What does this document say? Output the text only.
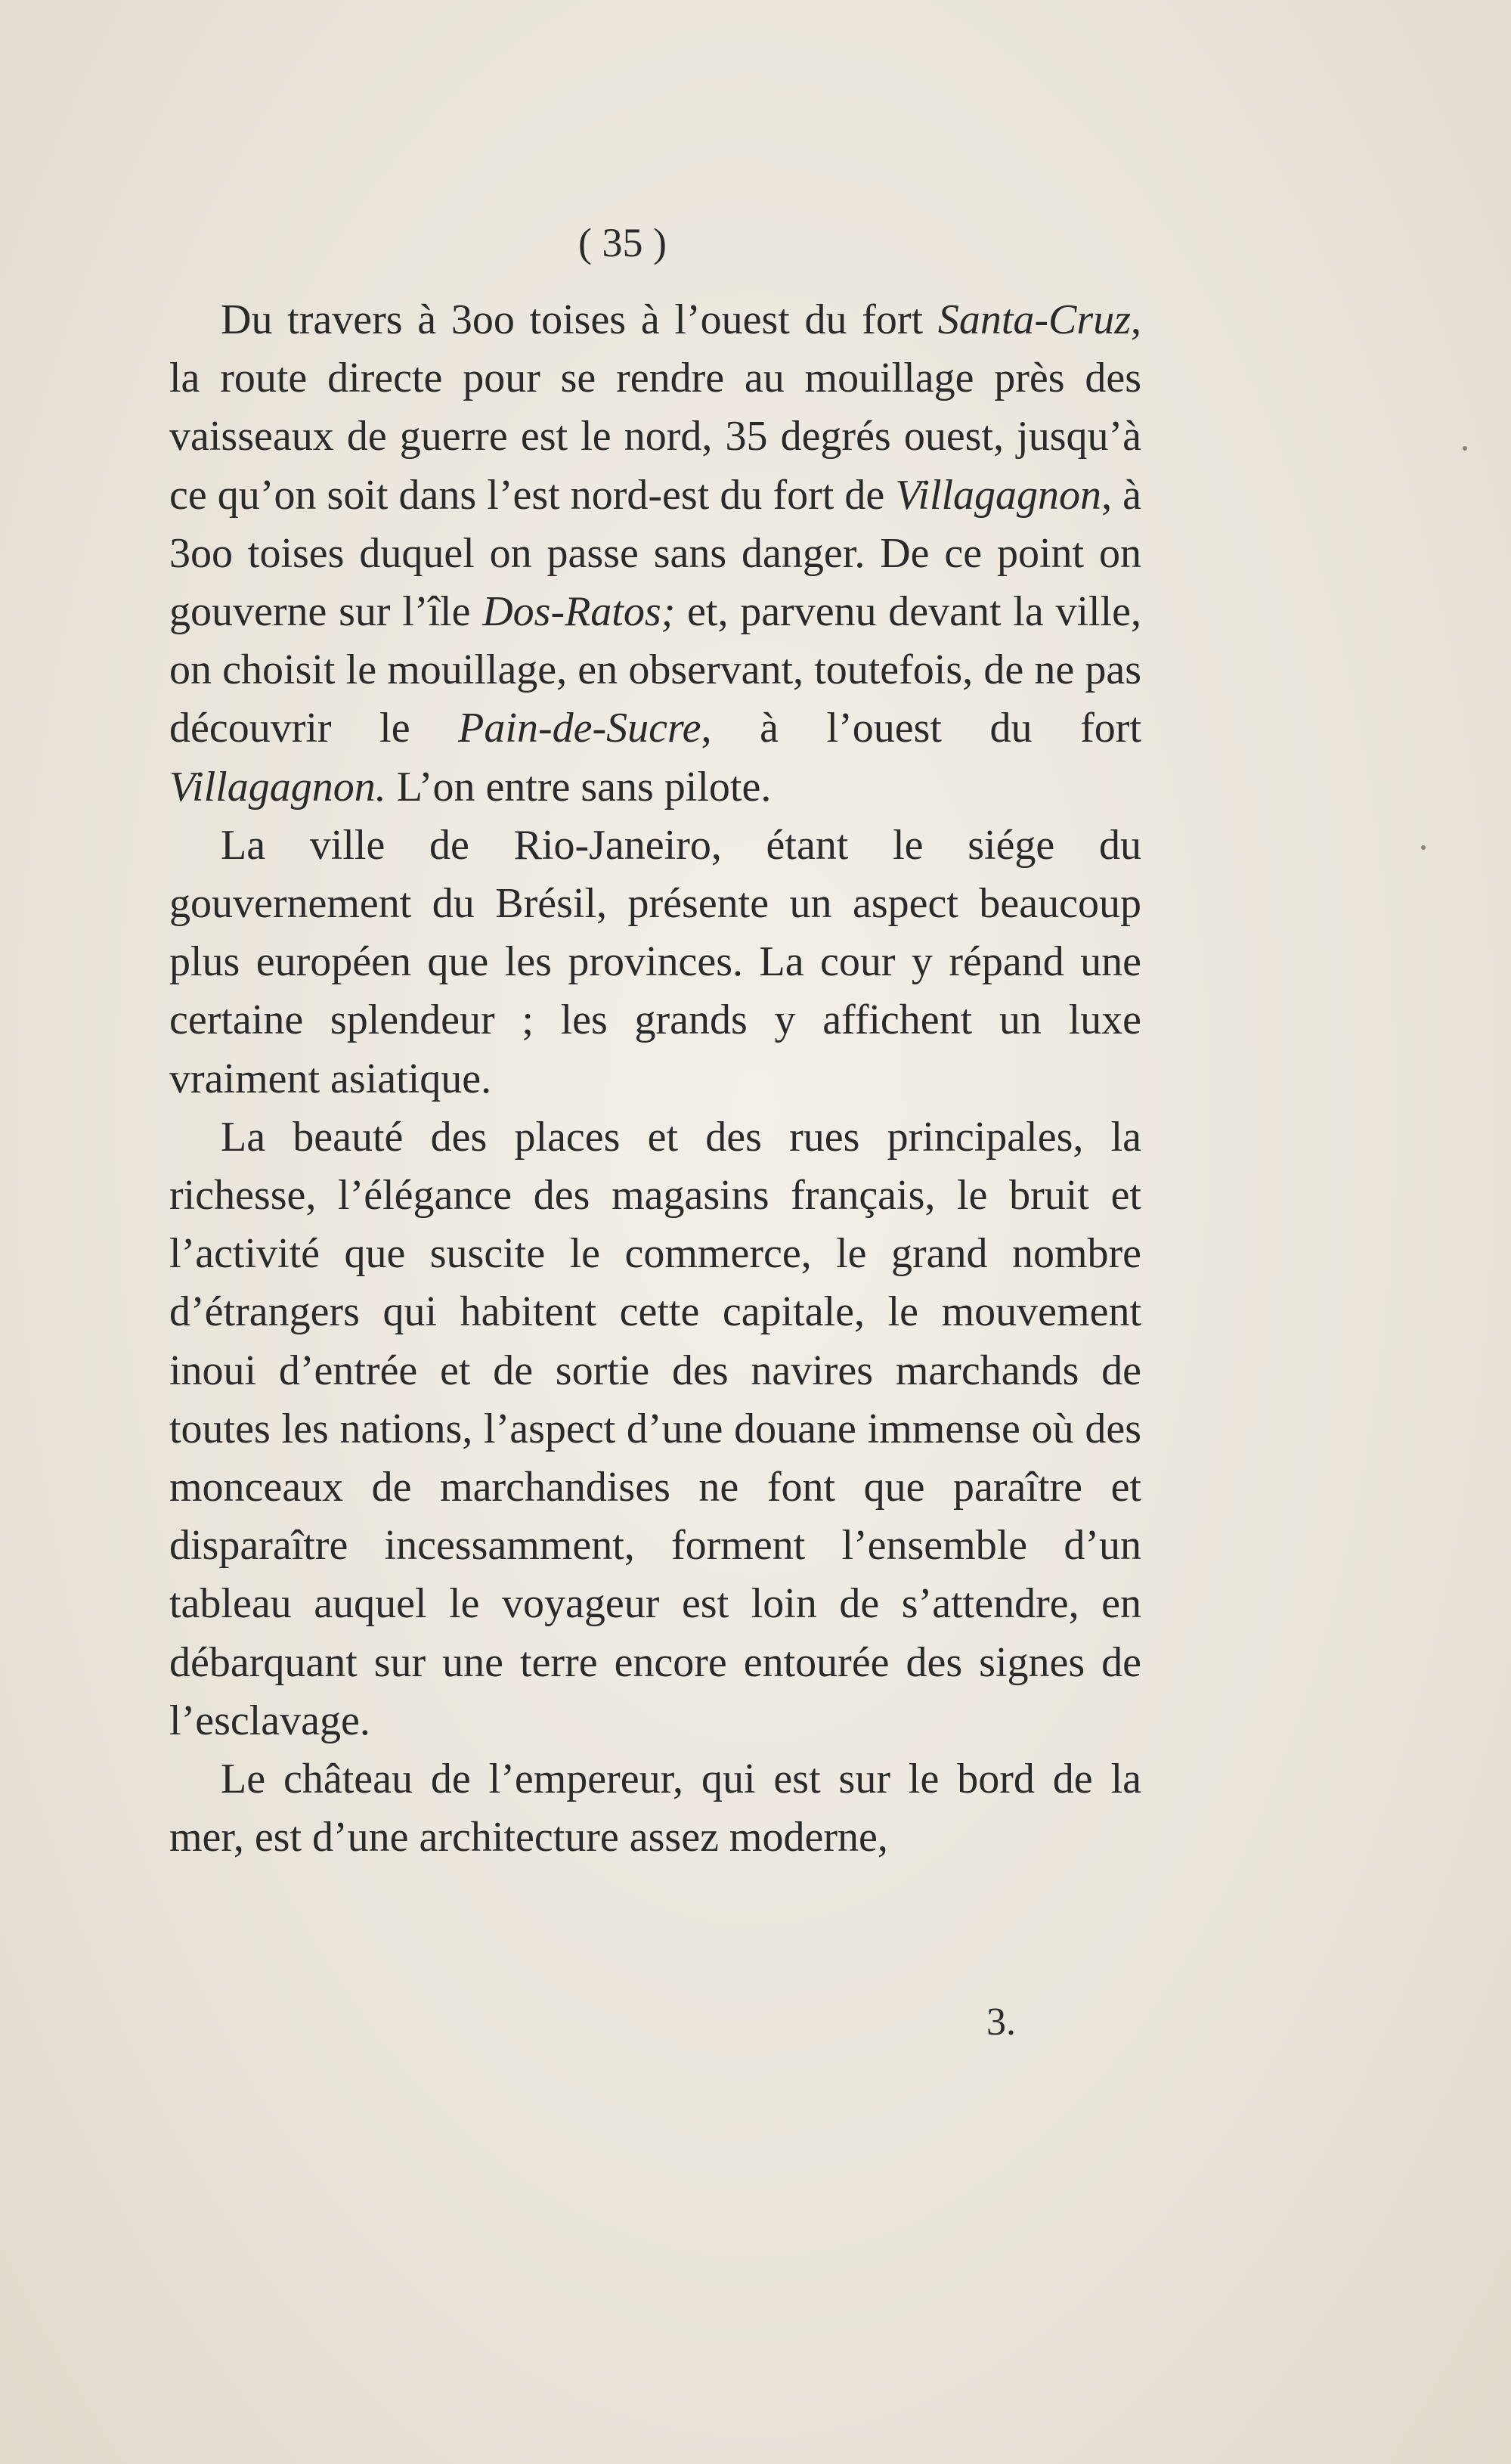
( 35 )

Du travers à 3oo toises à l’ouest du fort Santa-Cruz, la route directe pour se rendre au mouillage près des vaisseaux de guerre est le nord, 35 degrés ouest, jusqu’à ce qu’on soit dans l’est nord-est du fort de Villagagnon, à 3oo toises duquel on passe sans danger. De ce point on gouverne sur l’île Dos-Ratos; et, parvenu devant la ville, on choisit le mouillage, en observant, toutefois, de ne pas découvrir le Pain-de-Sucre, à l’ouest du fort Villagagnon. L’on entre sans pilote.

La ville de Rio-Janeiro, étant le siége du gouvernement du Brésil, présente un aspect beaucoup plus européen que les provinces. La cour y répand une certaine splendeur ; les grands y affichent un luxe vraiment asiatique.

La beauté des places et des rues principales, la richesse, l’élégance des magasins français, le bruit et l’activité que suscite le commerce, le grand nombre d’étrangers qui habitent cette capitale, le mouvement inoui d’entrée et de sortie des navires marchands de toutes les nations, l’aspect d’une douane immense où des monceaux de marchandises ne font que paraître et disparaître incessamment, forment l’ensemble d’un tableau auquel le voyageur est loin de s’attendre, en débarquant sur une terre encore entourée des signes de l’esclavage.

Le château de l’empereur, qui est sur le bord de la mer, est d’une architecture assez moderne,

3.
